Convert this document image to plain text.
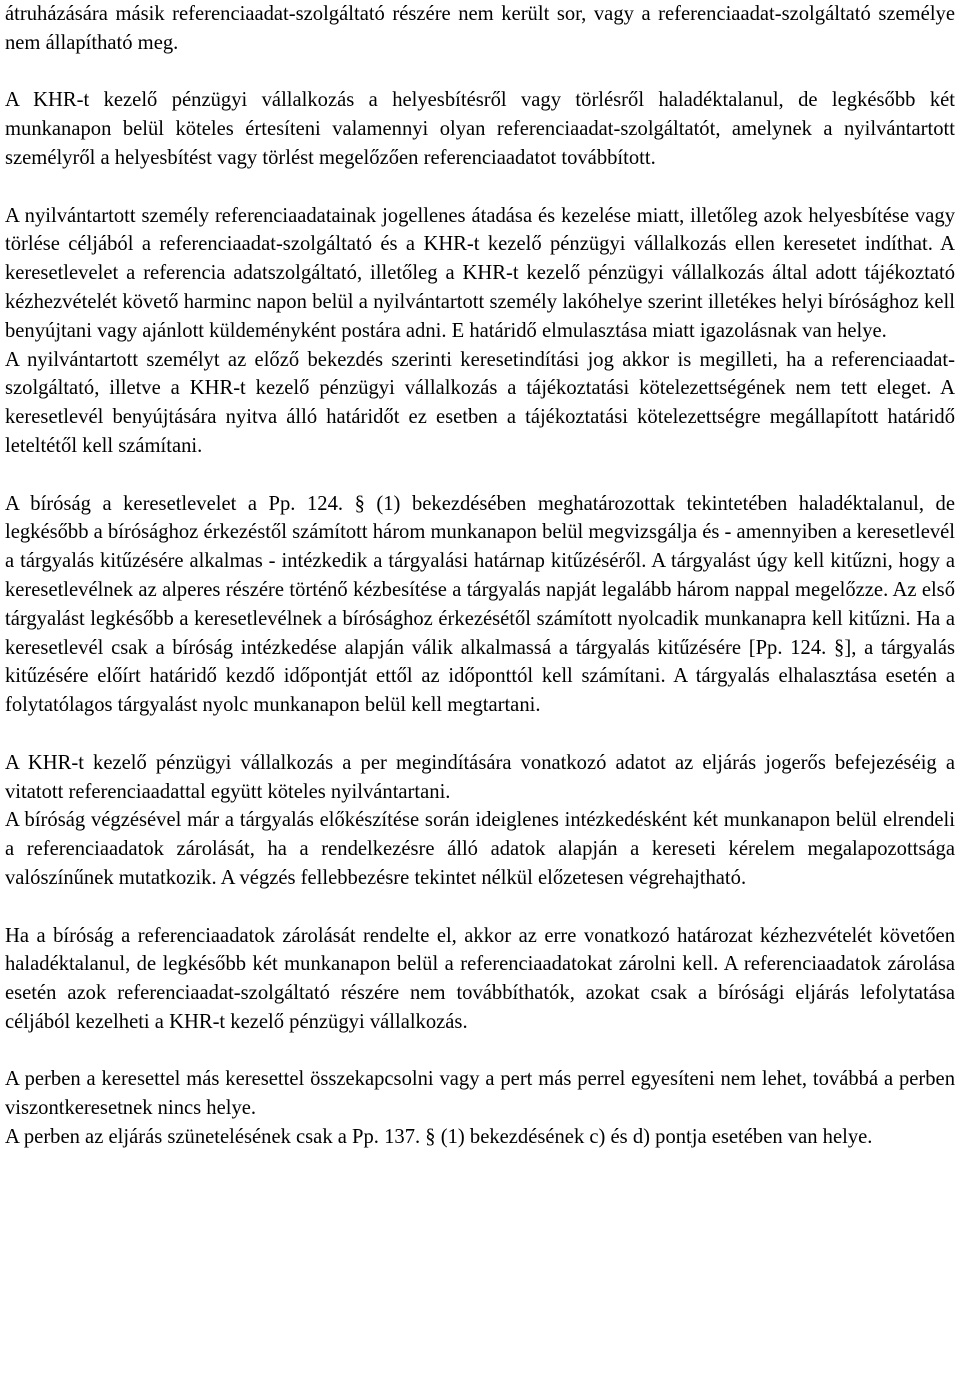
átruházására másik referenciaadat-szolgáltató részére nem került sor, vagy a referenciaadat-szolgáltató személye nem állapítható meg.

A KHR-t kezelő pénzügyi vállalkozás a helyesbítésről vagy törlésről haladéktalanul, de legkésőbb két munkanapon belül köteles értesíteni valamennyi olyan referenciaadat-szolgáltatót, amelynek a nyilvántartott személyről a helyesbítést vagy törlést megelőzően referenciaadatot továbbított.

A nyilvántartott személy referenciaadatainak jogellenes átadása és kezelése miatt, illetőleg azok helyesbítése vagy törlése céljából a referenciaadat-szolgáltató és a KHR-t kezelő pénzügyi vállalkozás ellen keresetet indíthat. A keresetlevelet a referencia adatszolgáltató, illetőleg a KHR-t kezelő pénzügyi vállalkozás által adott tájékoztató kézhezvételét követő harminc napon belül a nyilvántartott személy lakóhelye szerint illetékes helyi bírósághoz kell benyújtani vagy ajánlott küldeményként postára adni. E határidő elmulasztása miatt igazolásnak van helye.

A nyilvántartott személyt az előző bekezdés szerinti keresetindítási jog akkor is megilleti, ha a referenciaadat-szolgáltató, illetve a KHR-t kezelő pénzügyi vállalkozás a tájékoztatási kötelezettségének nem tett eleget. A keresetlevél benyújtására nyitva álló határidőt ez esetben a tájékoztatási kötelezettségre megállapított határidő leteltétől kell számítani.

A bíróság a keresetlevelet a Pp. 124. § (1) bekezdésében meghatározottak tekintetében haladéktalanul, de legkésőbb a bírósághoz érkezéstől számított három munkanapon belül megvizsgálja és - amennyiben a keresetlevél a tárgyalás kitűzésére alkalmas - intézkedik a tárgyalási határnap kitűzéséről. A tárgyalást úgy kell kitűzni, hogy a keresetlevélnek az alperes részére történő kézbesítése a tárgyalás napját legalább három nappal megelőzze. Az első tárgyalást legkésőbb a keresetlevélnek a bírósághoz érkezésétől számított nyolcadik munkanapra kell kitűzni. Ha a keresetlevél csak a bíróság intézkedése alapján válik alkalmassá a tárgyalás kitűzésére [Pp. 124. §], a tárgyalás kitűzésére előírt határidő kezdő időpontját ettől az időponttól kell számítani. A tárgyalás elhalasztása esetén a folytatólagos tárgyalást nyolc munkanapon belül kell megtartani.

A KHR-t kezelő pénzügyi vállalkozás a per megindítására vonatkozó adatot az eljárás jogerős befejezéséig a vitatott referenciaadattal együtt köteles nyilvántartani.

A bíróság végzésével már a tárgyalás előkészítése során ideiglenes intézkedésként két munkanapon belül elrendeli a referenciaadatok zárolását, ha a rendelkezésre álló adatok alapján a kereseti kérelem megalapozottsága valószínűnek mutatkozik. A végzés fellebbezésre tekintet nélkül előzetesen végrehajtható.

Ha a bíróság a referenciaadatok zárolását rendelte el, akkor az erre vonatkozó határozat kézhezvételét követően haladéktalanul, de legkésőbb két munkanapon belül a referenciaadatokat zárolni kell. A referenciaadatok zárolása esetén azok referenciaadat-szolgáltató részére nem továbbíthatók, azokat csak a bírósági eljárás lefolytatása céljából kezelheti a KHR-t kezelő pénzügyi vállalkozás.

A perben a keresettel más keresettel összekapcsolni vagy a pert más perrel egyesíteni nem lehet, továbbá a perben viszontkeresetnek nincs helye.

A perben az eljárás szünetelésének csak a Pp. 137. § (1) bekezdésének c) és d) pontja esetében van helye.
